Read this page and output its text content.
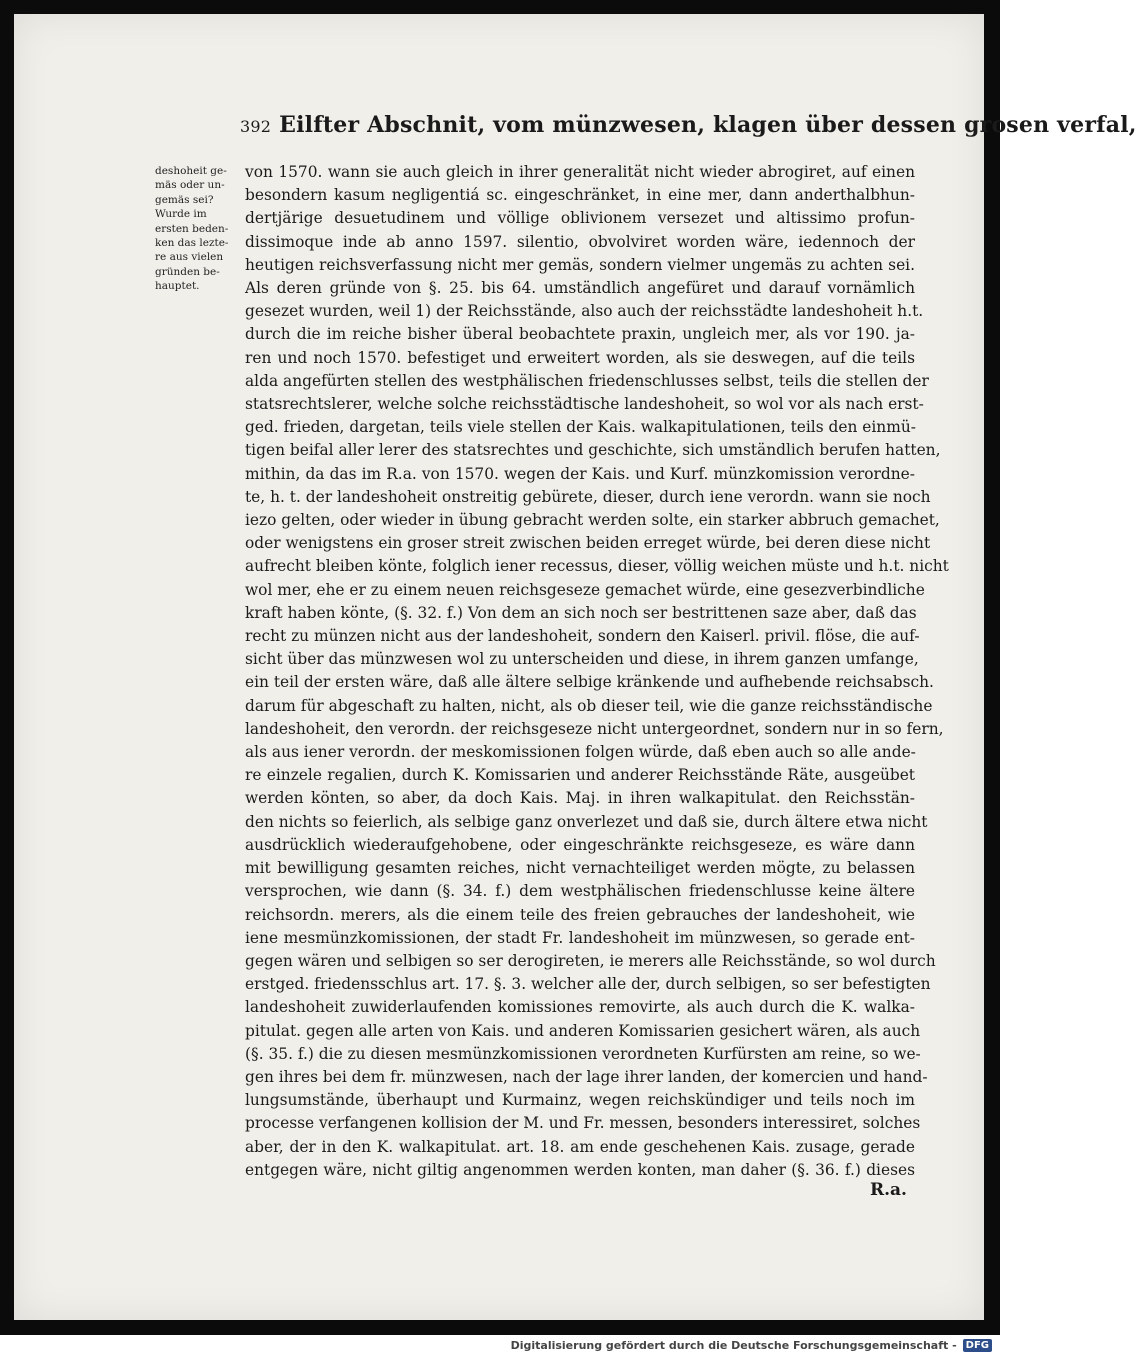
392 Eilfter Abschnit, vom münzwesen, klagen über dessen grosen verfal,
deshoheit ge-
mäs oder un-
gemäs sei?
Wurde im
ersten beden-
ken das lezte-
re aus vielen
gründen be-
hauptet.
von 1570. wann sie auch gleich in ihrer generalität nicht wieder abrogiret, auf einen
besondern kasum negligentiá sc. eingeschränket, in eine mer, dann anderthalbhun-
dertjärige desuetudinem und völlige oblivionem versezet und altissimo profun-
dissimoque inde ab anno 1597. silentio, obvolviret worden wäre, iedennoch der
heutigen reichsverfassung nicht mer gemäs, sondern vielmer ungemäs zu achten sei.
Als deren gründe von §. 25. bis 64. umständlich angefüret und darauf vornämlich
gesezet wurden, weil 1) der Reichsstände, also auch der reichsstädte landeshoheit h.t.
durch die im reiche bisher überal beobachtete praxin, ungleich mer, als vor 190. ja-
ren und noch 1570. befestiget und erweitert worden, als sie deswegen, auf die teils
alda angefürten stellen des westphälischen friedenschlusses selbst, teils die stellen der
statsrechtslerer, welche solche reichsstädtische landeshoheit, so wol vor als nach erst-
ged. frieden, dargetan, teils viele stellen der Kais. walkapitulationen, teils den einmü-
tigen beifal aller lerer des statsrechtes und geschichte, sich umständlich berufen hatten,
mithin, da das im R.a. von 1570. wegen der Kais. und Kurf. münzkomission verordne-
te, h. t. der landeshoheit onstreitig gebürete, dieser, durch iene verordn. wann sie noch
iezo gelten, oder wieder in übung gebracht werden solte, ein starker abbruch gemachet,
oder wenigstens ein groser streit zwischen beiden erreget würde, bei deren diese nicht
aufrecht bleiben könte, folglich iener recessus, dieser, völlig weichen müste und h.t. nicht
wol mer, ehe er zu einem neuen reichsgeseze gemachet würde, eine gesezverbindliche
kraft haben könte, (§. 32. f.) Von dem an sich noch ser bestrittenen saze aber, daß das
recht zu münzen nicht aus der landeshoheit, sondern den Kaiserl. privil. flöse, die auf-
sicht über das münzwesen wol zu unterscheiden und diese, in ihrem ganzen umfange,
ein teil der ersten wäre, daß alle ältere selbige kränkende und aufhebende reichsabsch.
darum für abgeschaft zu halten, nicht, als ob dieser teil, wie die ganze reichsständische
landeshoheit, den verordn. der reichsgeseze nicht untergeordnet, sondern nur in so fern,
als aus iener verordn. der meskomissionen folgen würde, daß eben auch so alle ande-
re einzele regalien, durch K. Komissarien und anderer Reichsstände Räte, ausgeübet
werden könten, so aber, da doch Kais. Maj. in ihren walkapitulat. den Reichsstän-
den nichts so feierlich, als selbige ganz onverlezet und daß sie, durch ältere etwa nicht
ausdrücklich wiederaufgehobene, oder eingeschränkte reichsgeseze, es wäre dann
mit bewilligung gesamten reiches, nicht vernachteiliget werden mögte, zu belassen
versprochen, wie dann (§. 34. f.) dem westphälischen friedenschlusse keine ältere
reichsordn. merers, als die einem teile des freien gebrauches der landeshoheit, wie
iene mesmünzkomissionen, der stadt Fr. landeshoheit im münzwesen, so gerade ent-
gegen wären und selbigen so ser derogireten, ie merers alle Reichsstände, so wol durch
erstged. friedensschlus art. 17. §. 3. welcher alle der, durch selbigen, so ser befestigten
landeshoheit zuwiderlaufenden komissiones removirte, als auch durch die K. walka-
pitulat. gegen alle arten von Kais. und anderen Komissarien gesichert wären, als auch
(§. 35. f.) die zu diesen mesmünzkomissionen verordneten Kurfürsten am reine, so we-
gen ihres bei dem fr. münzwesen, nach der lage ihrer landen, der komercien und hand-
lungsumstände, überhaupt und Kurmainz, wegen reichskündiger und teils noch im
processe verfangenen kollision der M. und Fr. messen, besonders interessiret, solches
aber, der in den K. walkapitulat. art. 18. am ende geschehenen Kais. zusage, gerade
entgegen wäre, nicht giltig angenommen werden konten, man daher (§. 36. f.) dieses
R.a.
Digitalisierung gefördert durch die Deutsche Forschungsgemeinschaft - DFG
